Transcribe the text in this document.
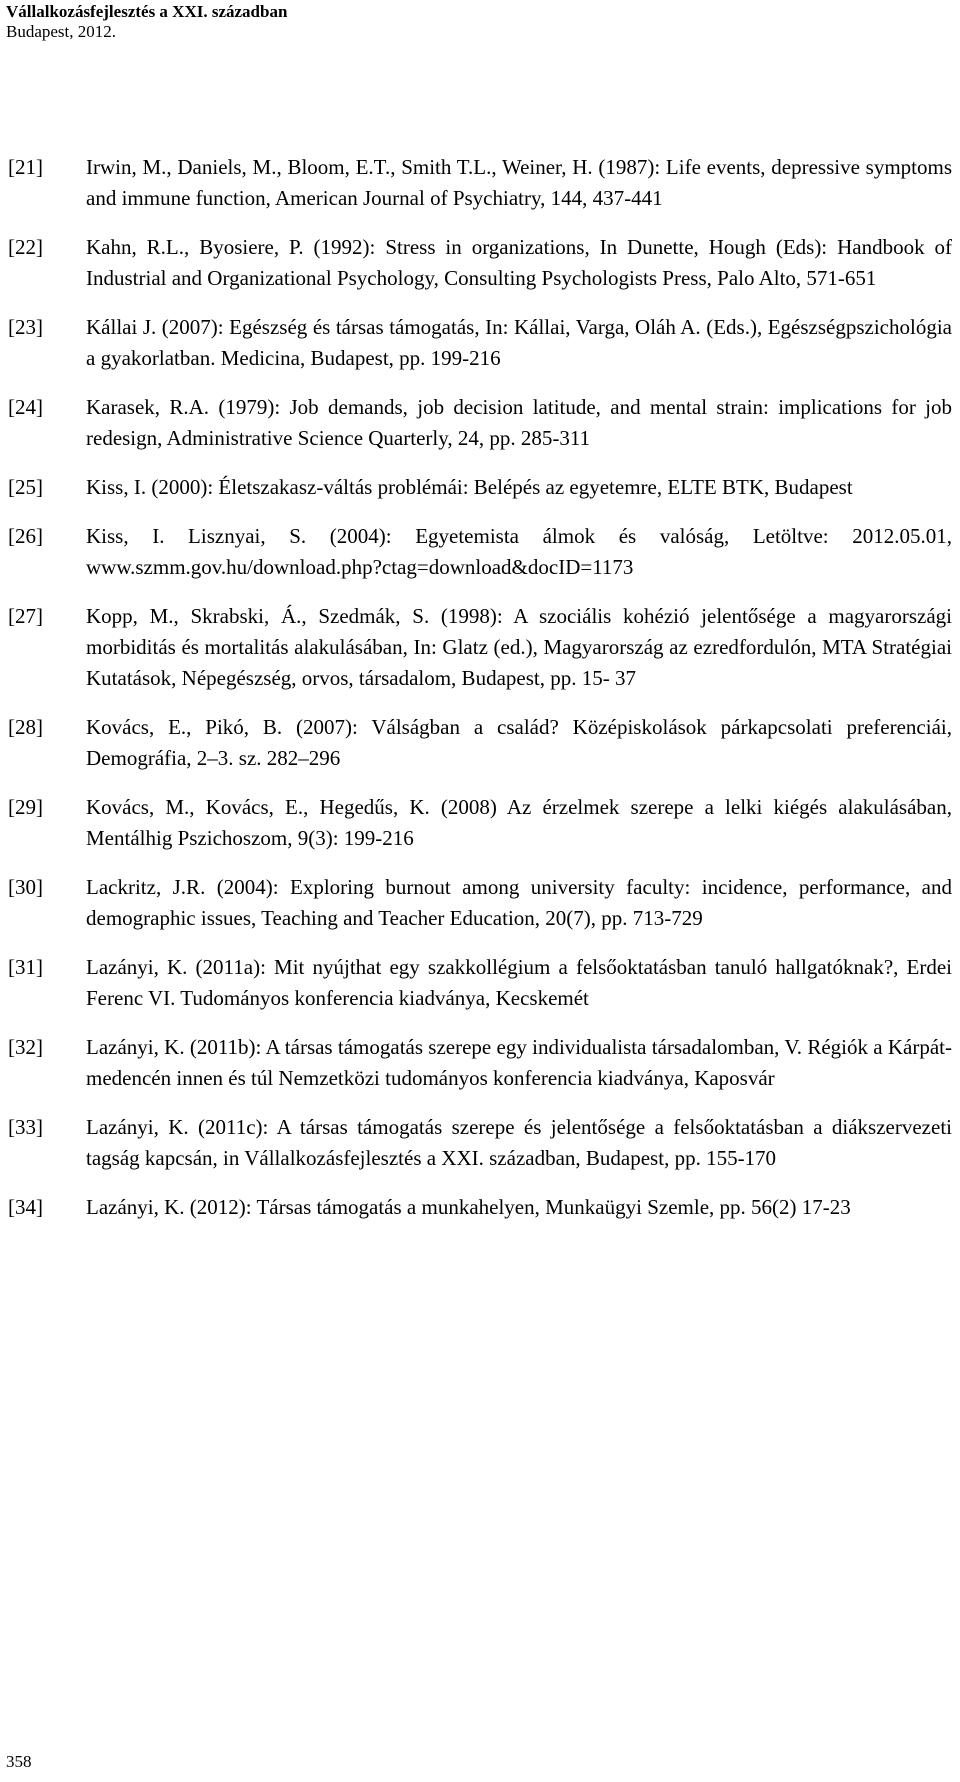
Vállalkozásfejlesztés a XXI. században
Budapest, 2012.
[21] Irwin, M., Daniels, M., Bloom, E.T., Smith T.L., Weiner, H. (1987): Life events, depressive symptoms and immune function, American Journal of Psychiatry, 144, 437-441
[22] Kahn, R.L., Byosiere, P. (1992): Stress in organizations, In Dunette, Hough (Eds): Handbook of Industrial and Organizational Psychology, Consulting Psychologists Press, Palo Alto, 571-651
[23] Kállai J. (2007): Egészség és társas támogatás, In: Kállai, Varga, Oláh A. (Eds.), Egészségpszichológia a gyakorlatban. Medicina, Budapest, pp. 199-216
[24] Karasek, R.A. (1979): Job demands, job decision latitude, and mental strain: implications for job redesign, Administrative Science Quarterly, 24, pp. 285-311
[25] Kiss, I. (2000): Életszakasz-váltás problémái: Belépés az egyetemre, ELTE BTK, Budapest
[26] Kiss, I. Lisznyai, S. (2004): Egyetemista álmok és valóság, Letöltve: 2012.05.01, www.szmm.gov.hu/download.php?ctag=download&docID=1173
[27] Kopp, M., Skrabski, Á., Szedmák, S. (1998): A szociális kohézió jelentősége a magyarországi morbiditás és mortalitás alakulásában, In: Glatz (ed.), Magyarország az ezredfordulón, MTA Stratégiai Kutatások, Népegészség, orvos, társadalom, Budapest, pp. 15- 37
[28] Kovács, E., Pikó, B. (2007): Válságban a család? Középiskolások párkapcsolati preferenciái, Demográfia, 2–3. sz. 282–296
[29] Kovács, M., Kovács, E., Hegedűs, K. (2008) Az érzelmek szerepe a lelki kiégés alakulásában, Mentálhig Pszichoszom, 9(3): 199-216
[30] Lackritz, J.R. (2004): Exploring burnout among university faculty: incidence, performance, and demographic issues, Teaching and Teacher Education, 20(7), pp. 713-729
[31] Lazányi, K. (2011a): Mit nyújthat egy szakkollégium a felsőoktatásban tanuló hallgatóknak?, Erdei Ferenc VI. Tudományos konferencia kiadványa, Kecskemét
[32] Lazányi, K. (2011b): A társas támogatás szerepe egy individualista társadalomban, V. Régiók a Kárpát-medencén innen és túl Nemzetközi tudományos konferencia kiadványa, Kaposvár
[33] Lazányi, K. (2011c): A társas támogatás szerepe és jelentősége a felsőoktatásban a diákszervezeti tagság kapcsán, in Vállalkozásfejlesztés a XXI. században, Budapest, pp. 155-170
[34] Lazányi, K. (2012): Társas támogatás a munkahelyen, Munkaügyi Szemle, pp. 56(2) 17-23
358
